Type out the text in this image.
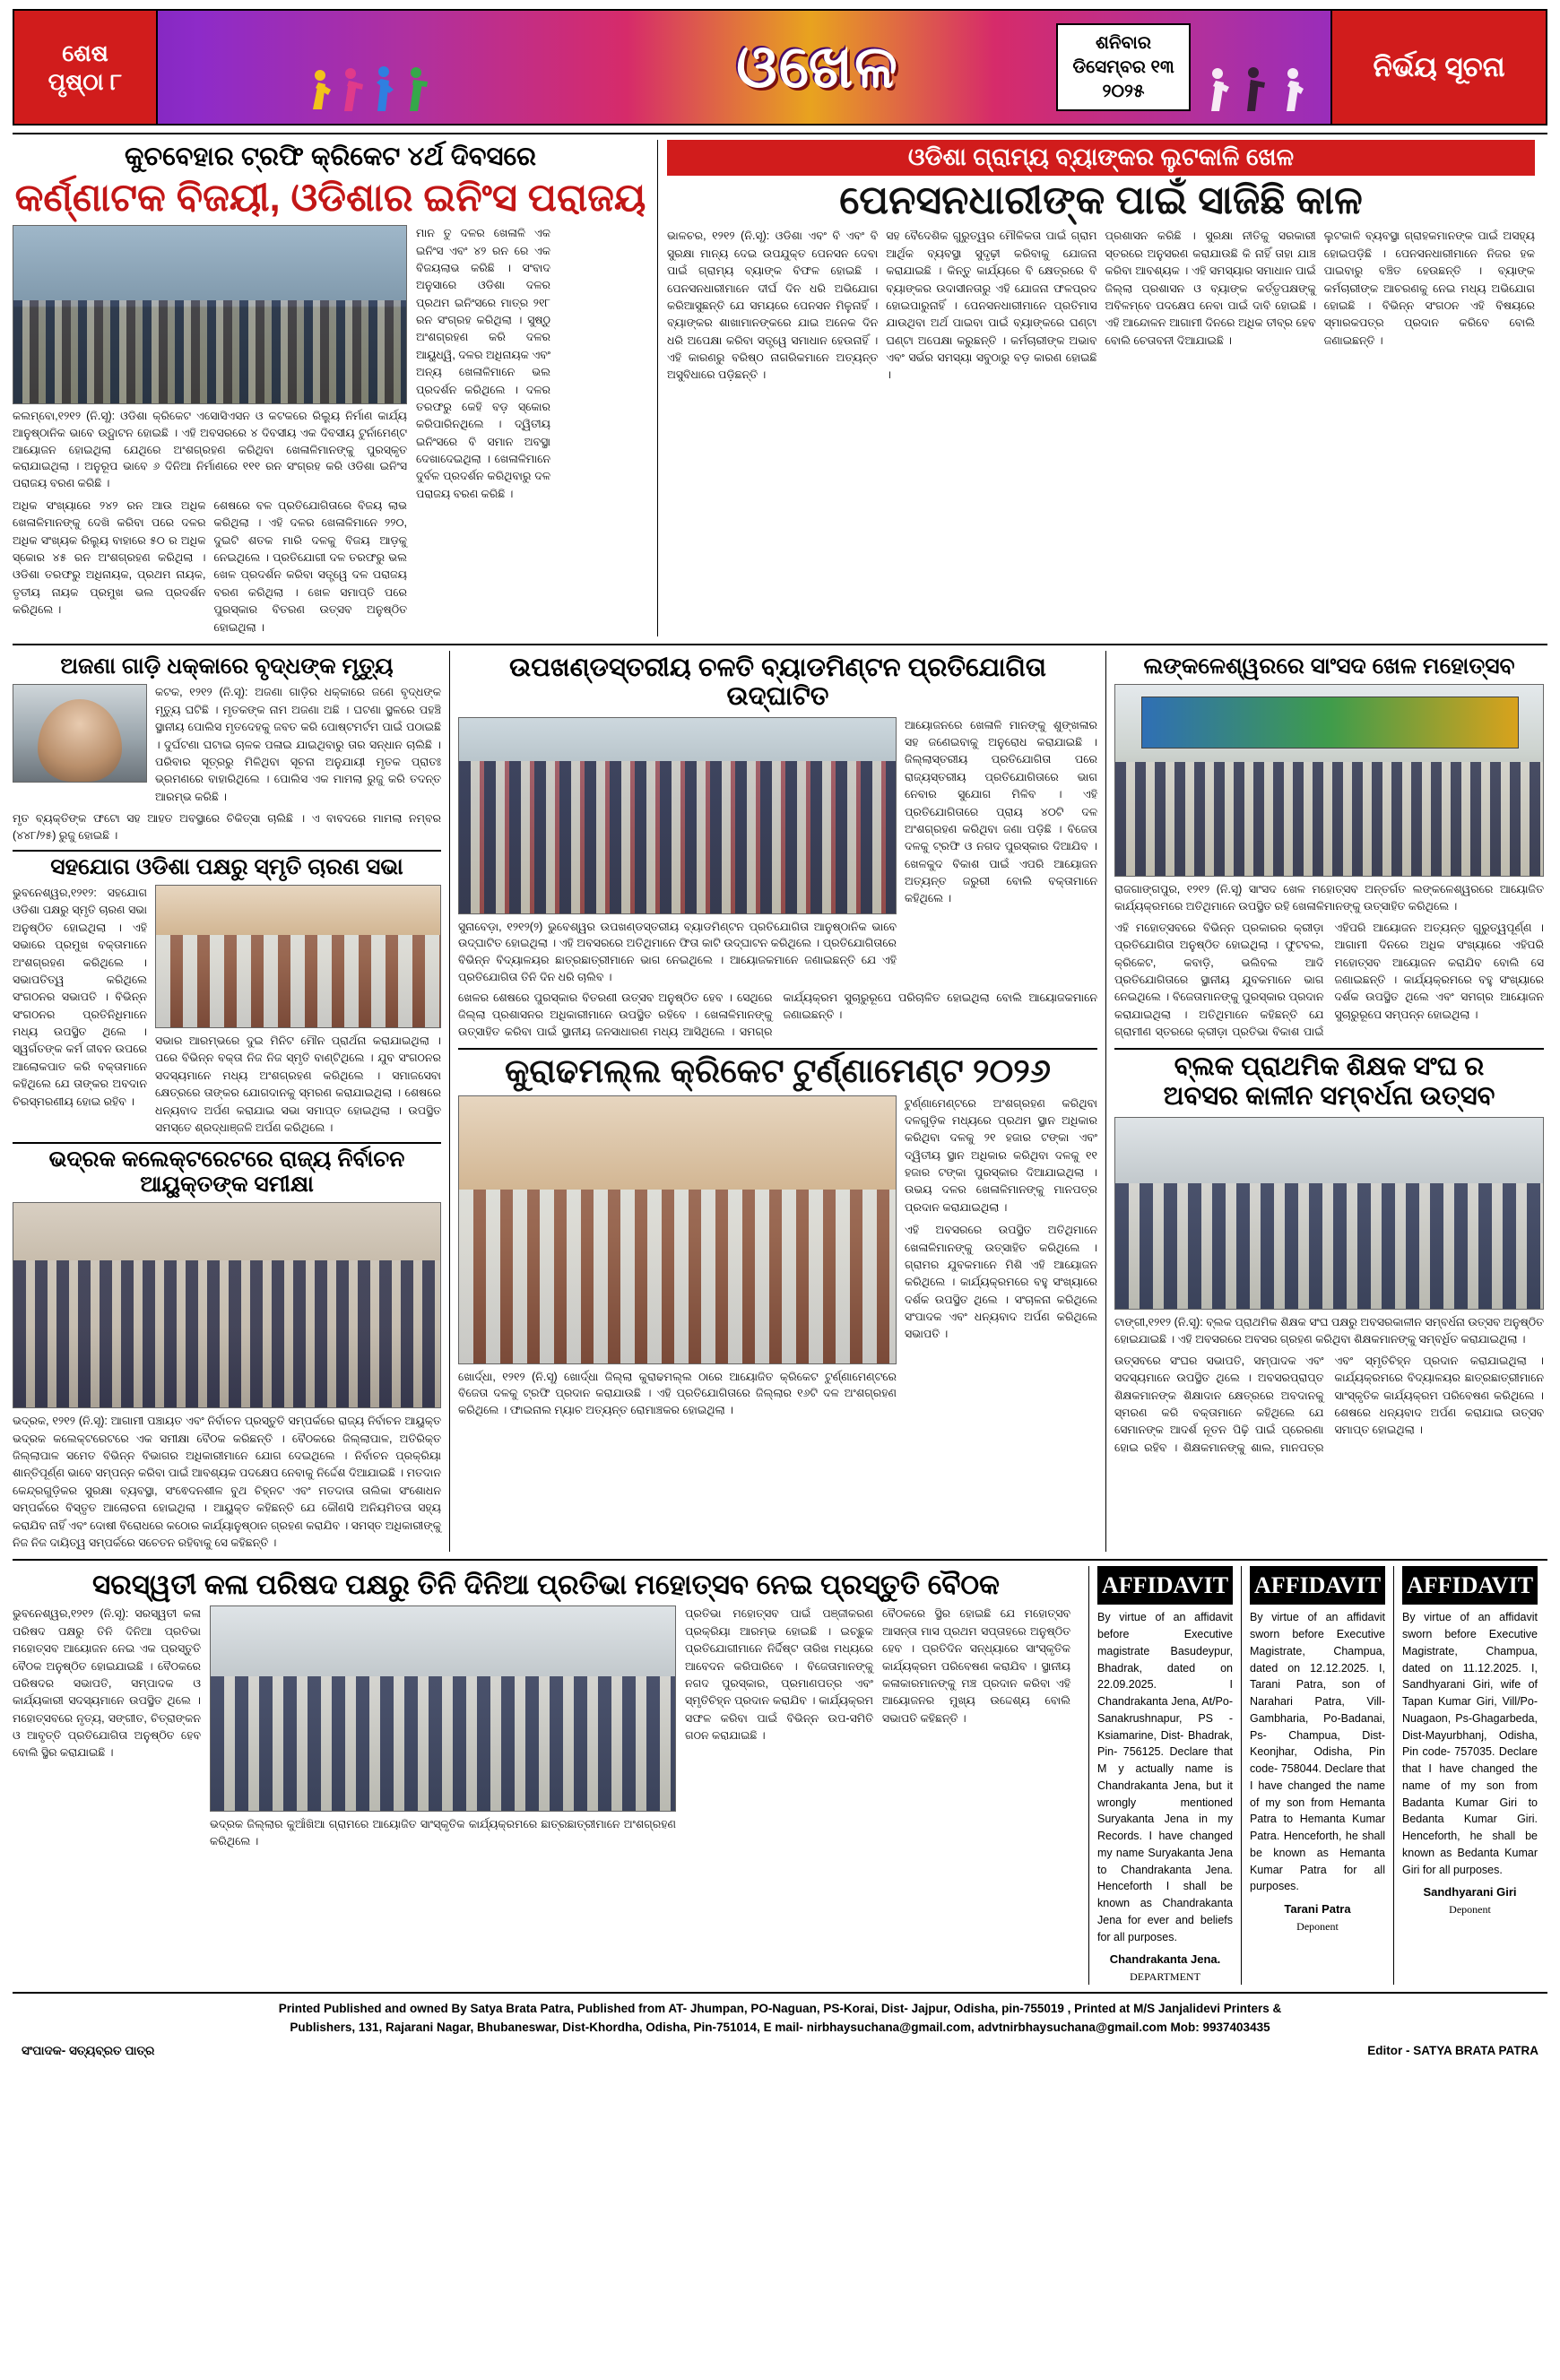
ଶେଷ
ପୃଷ୍ଠା ୮	ଓଖେଳ	ଶନିବାର
ଡିସେମ୍ବର ୧୩
୨୦୨୫
ନିର୍ଭୟ ସୂଚନା
କୁଚବେହାର ଟ୍ରଫି କ୍ରିକେଟ ୪ର୍ଥ ଦିବସରେ
କର୍ଣ୍ଣାଟକ ବିଜୟୀ, ଓଡିଶାର ଇନିଂସ ପରାଜୟ
କଲମ୍ବୋ,୧୨୧୨ (ନି.ସୂ): ଓଡିଶା କ୍ରିକେଟ ଏସୋସିଏସନ ଓ କଟକରେ ରିଲ୍ୟୁ ନିର୍ମାଣ କାର୍ଯ୍ୟ ଆନୁଷ୍ଠାନିକ ଭାବେ ଉଦ୍ଘାଟନ ହୋଇଛି । ଏହି ଅବସରରେ ୪ ଦିବସୀୟ ଏକ ଦିବସୀୟ ଟୁର୍ନାମେଣ୍ଟ ଆୟୋଜନ ହୋଇଥିଲା ଯେଥିରେ ଅଂଶଗ୍ରହଣ କରିଥିବା ଖେଳାଳିମାନଙ୍କୁ ପୁରସ୍କୃତ କରାଯାଇଥିଲା । ଅନୁରୂପ ଭାବେ ୬ ଦିନିଆ ନିର୍ମାଣରେ ୧୧୧ ରନ ସଂଗ୍ରହ କରି ଓଡିଶା ଇନିଂସ ପରାଜୟ ବରଣ କରିଛି ।
ଅଧିକ ସଂଖ୍ୟାରେ ୨୪୨ ରନ ଆଉ ଅଧିକ ଖେଳାଳିମାନଙ୍କୁ ଦେଖି କରିବା ପରେ ଦଳର ଅଧିକ ସଂଖ୍ୟକ ରିଲ୍ୟୁ ବାହାରେ ୫୦ ର ଅଧିକ ସ୍କୋର ୪୫ ରନ ଅଂଶଗ୍ରହଣ କରିଥିଲା । ଓଡିଶା ତରଫରୁ ଅଧିନାୟକ, ପ୍ରଥମ ନାୟକ, ତୃତୀୟ ନାୟକ ପ୍ରମୁଖ ଭଲ ପ୍ରଦର୍ଶନ କରିଥିଲେ ।
ଶେଷରେ ବଳ ପ୍ରତିଯୋଗିତାରେ ବିଜୟ ଲାଭ କରିଥିଲା । ଏହି ଦଳର ଖେଳାଳିମାନେ ୨୨୦, ଦୁଇଟି ଶତକ ମାରି ଦଳକୁ ବିଜୟ ଆଡ଼କୁ ନେଇଥିଲେ । ପ୍ରତିଯୋଗୀ ଦଳ ତରଫରୁ ଭଲ ଖେଳ ପ୍ରଦର୍ଶନ କରିବା ସତ୍ତ୍ୱେ ଦଳ ପରାଜୟ ବରଣ କରିଥିଲା । ଖେଳ ସମାପ୍ତି ପରେ ପୁରସ୍କାର ବିତରଣ ଉତ୍ସବ ଅନୁଷ୍ଠିତ ହୋଇଥିଲା ।
ମାନ ତୁ ଦଳର ଖେଳାଳି ଏକ ଇନିଂସ ଏବଂ ୪୨ ରନ ରେ ଏକ ବିଜୟଲାଭ କରିଛି । ସଂବାଦ ଅନୁସାରେ ଓଡିଶା ଦଳର ପ୍ରଥମ ଇନିଂସରେ ମାତ୍ର ୨୧୮ ରନ ସଂଗ୍ରହ କରିଥିଲା । ସୁଷ୍ଠୁ ଅଂଶଗ୍ରହଣ କରି ଦଳର ଆୟୁଧ୍ୱି, ଦଳର ଅଧିନାୟକ ଏବଂ ଅନ୍ୟ ଖେଳାଳିମାନେ ଭଲ ପ୍ରଦର୍ଶନ କରିଥିଲେ । ଦଳର ତରଫରୁ କେହି ବଡ଼ ସ୍କୋର କରିପାରିନଥିଲେ । ଦ୍ୱିତୀୟ ଇନିଂସରେ ବି ସମାନ ଅବସ୍ଥା ଦେଖାଦେଇଥିଲା । ଖେଳାଳିମାନେ ଦୁର୍ବଳ ପ୍ରଦର୍ଶନ କରିଥିବାରୁ ଦଳ ପରାଜୟ ବରଣ କରିଛି ।
ଓଡିଶା ଗ୍ରାମ୍ୟ ବ୍ୟାଙ୍କର ଲୁଟକାଳି ଖେଳ
ପେନସନଧାରୀଙ୍କ ପାଇଁ ସାଜିଛି କାଳ
ଭାଳଚର, ୧୨୧୨ (ନି.ସୂ): ଓଡିଶା ଏବଂ ବି ଏବଂ ବି ସୁରକ୍ଷା ମାନ୍ୟ ଦେଇ ଉପଯୁକ୍ତ ପେନସନ ଦେବା ପାଇଁ ଗ୍ରାମ୍ୟ ବ୍ୟାଙ୍କ ବିଫଳ ହୋଇଛି । ପେନସନଧାରୀମାନେ ଦୀର୍ଘ ଦିନ ଧରି ଅଭିଯୋଗ କରିଆସୁଛନ୍ତି ଯେ ସମୟରେ ପେନସନ ମିଳୁନାହିଁ । ବ୍ୟାଙ୍କର ଶାଖାମାନଙ୍କରେ ଯାଇ ଅନେକ ଦିନ ଧରି ଅପେକ୍ଷା କରିବା ସତ୍ତ୍ୱେ ସମାଧାନ ହେଉନାହିଁ । ଏହି କାରଣରୁ ବରିଷ୍ଠ ନାଗରିକମାନେ ଅତ୍ୟନ୍ତ ଅସୁବିଧାରେ ପଡ଼ିଛନ୍ତି ।
ସହ ବୈଦେଶିକ ଗୁରୁତ୍ୱର ମୌଳିକତା ପାଇଁ ଗ୍ରାମ ଆର୍ଥିକ ବ୍ୟବସ୍ଥା ସୁଦୃଢ଼ୀ କରିବାକୁ ଯୋଜନା କରାଯାଇଛି । କିନ୍ତୁ କାର୍ଯ୍ୟରେ ବି କ୍ଷେତ୍ରରେ ବି ବ୍ୟାଙ୍କର ଉଦାସୀନତାରୁ ଏହି ଯୋଜନା ଫଳପ୍ରଦ ହୋଇପାରୁନାହିଁ । ପେନସନଧାରୀମାନେ ପ୍ରତିମାସ ଯାଉଥିବା ଅର୍ଥ ପାଇବା ପାଇଁ ବ୍ୟାଙ୍କରେ ଘଣ୍ଟା ଘଣ୍ଟା ଅପେକ୍ଷା କରୁଛନ୍ତି । କର୍ମଚାରୀଙ୍କ ଅଭାବ ଏବଂ ସର୍ଭର ସମସ୍ୟା ସବୁଠାରୁ ବଡ଼ କାରଣ ହୋଇଛି ।
ପ୍ରଶାସନ କରିଛି । ସୁରକ୍ଷା ନୀତିକୁ ସରକାରୀ ସ୍ତରରେ ଅନୁସରଣ କରାଯାଉଛି କି ନାହିଁ ତାହା ଯାଞ୍ଚ କରିବା ଆବଶ୍ୟକ । ଏହି ସମସ୍ୟାର ସମାଧାନ ପାଇଁ ଜିଲ୍ଲା ପ୍ରଶାସନ ଓ ବ୍ୟାଙ୍କ କର୍ତ୍ତୃପକ୍ଷଙ୍କୁ ଅବିଳମ୍ବେ ପଦକ୍ଷେପ ନେବା ପାଇଁ ଦାବି ହୋଇଛି । ଏହି ଆନ୍ଦୋଳନ ଆଗାମୀ ଦିନରେ ଅଧିକ ତୀବ୍ର ହେବ ବୋଲି ଚେତାବନୀ ଦିଆଯାଇଛି ।
ଲୁଟକାଳି ବ୍ୟବସ୍ଥା ଗ୍ରାହକମାନଙ୍କ ପାଇଁ ଅସହ୍ୟ ହୋଇପଡ଼ିଛି । ପେନସନଧାରୀମାନେ ନିଜର ହକ ପାଇବାରୁ ବଞ୍ଚିତ ହେଉଛନ୍ତି । ବ୍ୟାଙ୍କ କର୍ମଚାରୀଙ୍କ ଆଚରଣକୁ ନେଇ ମଧ୍ୟ ଅଭିଯୋଗ ହୋଇଛି । ବିଭିନ୍ନ ସଂଗଠନ ଏହି ବିଷୟରେ ସ୍ମାରକପତ୍ର ପ୍ରଦାନ କରିବେ ବୋଲି ଜଣାଇଛନ୍ତି ।
ଅଜଣା ଗାଡ଼ି ଧକ୍କାରେ ବୃଦ୍ଧଙ୍କ ମୃତ୍ୟୁ
କଟକ, ୧୨୧୨ (ନି.ସୂ): ଅଜଣା ଗାଡ଼ିର ଧକ୍କାରେ ଜଣେ ବୃଦ୍ଧଙ୍କ ମୃତ୍ୟୁ ଘଟିଛି । ମୃତକଙ୍କ ନାମ ଅଜଣା ଅଛି । ଘଟଣା ସ୍ଥଳରେ ପହଞ୍ଚି ସ୍ଥାନୀୟ ପୋଲିସ ମୃତଦେହକୁ ଜବତ କରି ପୋଷ୍ଟମର୍ଟମ ପାଇଁ ପଠାଇଛି । ଦୁର୍ଘଟଣା ଘଟାଇ ଚାଳକ ପଳାଇ ଯାଇଥିବାରୁ ତାର ସନ୍ଧାନ ଚାଲିଛି । ପରିବାର ସୂତ୍ରରୁ ମିଳିଥିବା ସୂଚନା ଅନୁଯାୟୀ ମୃତକ ପ୍ରାତଃ ଭ୍ରମଣରେ ବାହାରିଥିଲେ । ପୋଲିସ ଏକ ମାମଲା ରୁଜୁ କରି ତଦନ୍ତ ଆରମ୍ଭ କରିଛି ।
ମୃତ ବ୍ୟକ୍ତିଙ୍କ ଫଟୋ ସହ ଆହତ ଅବସ୍ଥାରେ ଚିକିତ୍ସା ଚାଲିଛି । ଏ ବାବଦରେ ମାମଲା ନମ୍ବର (୪୪୮/୨୫) ରୁଜୁ ହୋଇଛି ।
ସହଯୋଗ ଓଡିଶା ପକ୍ଷରୁ ସ୍ମୃତି ଚାରଣ ସଭା
ଭୁବନେଶ୍ୱର,୧୨୧୨: ସହଯୋଗ ଓଡିଶା ପକ୍ଷରୁ ସ୍ମୃତି ଚାରଣ ସଭା ଅନୁଷ୍ଠିତ ହୋଇଥିଲା । ଏହି ସଭାରେ ପ୍ରମୁଖ ବକ୍ତାମାନେ ଅଂଶଗ୍ରହଣ କରିଥିଲେ । ସଭାପତିତ୍ୱ କରିଥିଲେ ସଂଗଠନର ସଭାପତି । ବିଭିନ୍ନ ସଂଗଠନର ପ୍ରତିନିଧିମାନେ ମଧ୍ୟ ଉପସ୍ଥିତ ଥିଲେ । ସ୍ୱର୍ଗତଙ୍କ କର୍ମ ଜୀବନ ଉପରେ ଆଲୋକପାତ କରି ବକ୍ତାମାନେ କହିଥିଲେ ଯେ ତାଙ୍କର ଅବଦାନ ଚିରସ୍ମରଣୀୟ ହୋଇ ରହିବ ।
ସଭାର ଆରମ୍ଭରେ ଦୁଇ ମିନିଟ ମୌନ ପ୍ରାର୍ଥନା କରାଯାଇଥିଲା । ପରେ ବିଭିନ୍ନ ବକ୍ତା ନିଜ ନିଜ ସ୍ମୃତି ବାଣ୍ଟିଥିଲେ । ଯୁବ ସଂଗଠନର ସଦସ୍ୟମାନେ ମଧ୍ୟ ଅଂଶଗ୍ରହଣ କରିଥିଲେ । ସମାଜସେବା କ୍ଷେତ୍ରରେ ତାଙ୍କର ଯୋଗଦାନକୁ ସ୍ମରଣ କରାଯାଇଥିଲା । ଶେଷରେ ଧନ୍ୟବାଦ ଅର୍ପଣ କରାଯାଇ ସଭା ସମାପ୍ତ ହୋଇଥିଲା । ଉପସ୍ଥିତ ସମସ୍ତେ ଶ୍ରଦ୍ଧାଞ୍ଜଳି ଅର୍ପଣ କରିଥିଲେ ।
ଭଦ୍ରକ କଲେକ୍ଟରେଟରେ ରାଜ୍ୟ ନିର୍ବାଚନ ଆୟୁକ୍ତଙ୍କ ସମୀକ୍ଷା
ଭଦ୍ରକ, ୧୨୧୨ (ନି.ସୂ): ଆଗାମୀ ପଞ୍ଚାୟତ ଏବଂ ନିର୍ବାଚନ ପ୍ରସ୍ତୁତି ସମ୍ପର୍କରେ ରାଜ୍ୟ ନିର୍ବାଚନ ଆୟୁକ୍ତ ଭଦ୍ରକ କଲେକ୍ଟରେଟରେ ଏକ ସମୀକ୍ଷା ବୈଠକ କରିଛନ୍ତି । ବୈଠକରେ ଜିଲ୍ଲାପାଳ, ଅତିରିକ୍ତ ଜିଲ୍ଲାପାଳ ସମେତ ବିଭିନ୍ନ ବିଭାଗର ଅଧିକାରୀମାନେ ଯୋଗ ଦେଇଥିଲେ । ନିର୍ବାଚନ ପ୍ରକ୍ରିୟା ଶାନ୍ତିପୂର୍ଣ୍ଣ ଭାବେ ସମ୍ପନ୍ନ କରିବା ପାଇଁ ଆବଶ୍ୟକ ପଦକ୍ଷେପ ନେବାକୁ ନିର୍ଦ୍ଦେଶ ଦିଆଯାଇଛି । ମତଦାନ କେନ୍ଦ୍ରଗୁଡ଼ିକର ସୁରକ୍ଷା ବ୍ୟବସ୍ଥା, ସଂଵେଦନଶୀଳ ବୁଥ ଚିହ୍ନଟ ଏବଂ ମତଦାତା ତାଲିକା ସଂଶୋଧନ ସମ୍ପର୍କରେ ବିସ୍ତୃତ ଆଲୋଚନା ହୋଇଥିଲା । ଆୟୁକ୍ତ କହିଛନ୍ତି ଯେ କୌଣସି ଅନିୟମିତତା ସହ୍ୟ କରାଯିବ ନାହିଁ ଏବଂ ଦୋଷୀ ବିରୋଧରେ କଠୋର କାର୍ଯ୍ୟାନୁଷ୍ଠାନ ଗ୍ରହଣ କରାଯିବ । ସମସ୍ତ ଅଧିକାରୀଙ୍କୁ ନିଜ ନିଜ ଦାୟିତ୍ୱ ସମ୍ପର୍କରେ ସଚେତନ ରହିବାକୁ ସେ କହିଛନ୍ତି ।
ଉପଖଣ୍ଡସ୍ତରୀୟ ଚଳତି ବ୍ୟାଡମିଣ୍ଟନ ପ୍ରତିଯୋଗିତା ଉଦ୍‌ଘାଟିତ
ସୁନାବେଡ଼ା, ୧୨୧୨(୨) ଭୁବେଶ୍ୱର ଉପଖଣ୍ଡସ୍ତରୀୟ ବ୍ୟାଡମିଣ୍ଟନ ପ୍ରତିଯୋଗିତା ଆନୁଷ୍ଠାନିକ ଭାବେ ଉଦ୍‌ଘାଟିତ ହୋଇଥିଲା । ଏହି ଅବସରରେ ଅତିଥିମାନେ ଫିତା କାଟି ଉଦ୍‌ଘାଟନ କରିଥିଲେ । ପ୍ରତିଯୋଗିତାରେ ବିଭିନ୍ନ ବିଦ୍ୟାଳୟର ଛାତ୍ରଛାତ୍ରୀମାନେ ଭାଗ ନେଇଥିଲେ । ଆୟୋଜକମାନେ ଜଣାଇଛନ୍ତି ଯେ ଏହି ପ୍ରତିଯୋଗିତା ତିନି ଦିନ ଧରି ଚାଲିବ ।
ଆୟୋଜନରେ ଖେଳାଳି ମାନଙ୍କୁ ଶୁଙ୍ଖଳାର ସହ ଜଣେଇବାକୁ ଅନୁରୋଧ କରାଯାଇଛି । ଜିଲ୍ଲାସ୍ତରୀୟ ପ୍ରତିଯୋଗିତା ପରେ ରାଜ୍ୟସ୍ତରୀୟ ପ୍ରତିଯୋଗିତାରେ ଭାଗ ନେବାର ସୁଯୋଗ ମିଳିବ । ଏହି ପ୍ରତିଯୋଗିତାରେ ପ୍ରାୟ ୪୦ଟି ଦଳ ଅଂଶଗ୍ରହଣ କରିଥିବା ଜଣା ପଡ଼ିଛି । ବିଜେତା ଦଳକୁ ଟ୍ରଫି ଓ ନଗଦ ପୁରସ୍କାର ଦିଆଯିବ । ଖେଳକୁଦ ବିକାଶ ପାଇଁ ଏପରି ଆୟୋଜନ ଅତ୍ୟନ୍ତ ଜରୁରୀ ବୋଲି ବକ୍ତାମାନେ କହିଥିଲେ ।
ଖେଳର ଶେଷରେ ପୁରସ୍କାର ବିତରଣୀ ଉତ୍ସବ ଅନୁଷ୍ଠିତ ହେବ । ସେଥିରେ ଜିଲ୍ଲା ପ୍ରଶାସନର ଅଧିକାରୀମାନେ ଉପସ୍ଥିତ ରହିବେ । ଖେଳାଳିମାନଙ୍କୁ ଉତ୍ସାହିତ କରିବା ପାଇଁ ସ୍ଥାନୀୟ ଜନସାଧାରଣ ମଧ୍ୟ ଆସିଥିଲେ । ସମଗ୍ର କାର୍ଯ୍ୟକ୍ରମ ସୁଚାରୁରୂପେ ପରିଚାଳିତ ହୋଇଥିଲା ବୋଲି ଆୟୋଜକମାନେ ଜଣାଇଛନ୍ତି ।
କୁରାଢମଲ୍ଲ କ୍ରିକେଟ ଟୁର୍ଣ୍ଣାମେଣ୍ଟ ୨୦୨୬
ଖୋର୍ଦ୍ଧା, ୧୨୧୨ (ନି.ସୂ) ଖୋର୍ଦ୍ଧା ଜିଲ୍ଲା କୁରାଢମଲ୍ଲ ଠାରେ ଆୟୋଜିତ କ୍ରିକେଟ ଟୁର୍ଣ୍ଣାମେଣ୍ଟରେ ବିଜେତା ଦଳକୁ ଟ୍ରଫି ପ୍ରଦାନ କରାଯାଉଛି । ଏହି ପ୍ରତିଯୋଗିତାରେ ଜିଲ୍ଲାର ୧୬ଟି ଦଳ ଅଂଶଗ୍ରହଣ କରିଥିଲେ । ଫାଇନାଲ ମ୍ୟାଚ ଅତ୍ୟନ୍ତ ରୋମାଞ୍ଚକର ହୋଇଥିଲା ।
ଟୁର୍ଣ୍ଣାମେଣ୍ଟରେ ଅଂଶଗ୍ରହଣ କରିଥିବା ଦଳଗୁଡ଼ିକ ମଧ୍ୟରେ ପ୍ରଥମ ସ୍ଥାନ ଅଧିକାର କରିଥିବା ଦଳକୁ ୨୧ ହଜାର ଟଙ୍କା ଏବଂ ଦ୍ୱିତୀୟ ସ୍ଥାନ ଅଧିକାର କରିଥିବା ଦଳକୁ ୧୧ ହଜାର ଟଙ୍କା ପୁରସ୍କାର ଦିଆଯାଇଥିଲା । ଉଭୟ ଦଳର ଖେଳାଳିମାନଙ୍କୁ ମାନପତ୍ର ପ୍ରଦାନ କରାଯାଇଥିଲା ।
ଏହି ଅବସରରେ ଉପସ୍ଥିତ ଅତିଥିମାନେ ଖେଳାଳିମାନଙ୍କୁ ଉତ୍ସାହିତ କରିଥିଲେ । ଗ୍ରାମର ଯୁବକମାନେ ମିଶି ଏହି ଆୟୋଜନ କରିଥିଲେ । କାର୍ଯ୍ୟକ୍ରମରେ ବହୁ ସଂଖ୍ୟାରେ ଦର୍ଶକ ଉପସ୍ଥିତ ଥିଲେ । ସଂଚାଳନା କରିଥିଲେ ସଂପାଦକ ଏବଂ ଧନ୍ୟବାଦ ଅର୍ପଣ କରିଥିଲେ ସଭାପତି ।
ଲଙ୍କଳେଶ୍ୱରରେ ସାଂସଦ ଖେଳ ମହୋତ୍ସବ
ରାଜଗାଙ୍ଗପୁର, ୧୨୧୨ (ନି.ସୂ) ସାଂସଦ ଖେଳ ମହୋତ୍ସବ ଅନ୍ତର୍ଗତ ଲଙ୍କଳେଶ୍ୱରରେ ଆୟୋଜିତ କାର୍ଯ୍ୟକ୍ରମରେ ଅତିଥିମାନେ ଉପସ୍ଥିତ ରହି ଖେଳାଳିମାନଙ୍କୁ ଉତ୍ସାହିତ କରିଥିଲେ ।
ଏହି ମହୋତ୍ସବରେ ବିଭିନ୍ନ ପ୍ରକାରର କ୍ରୀଡ଼ା ପ୍ରତିଯୋଗିତା ଅନୁଷ୍ଠିତ ହୋଇଥିଲା । ଫୁଟବଲ, କ୍ରିକେଟ, କବାଡ଼ି, ଭଲିବଲ ଆଦି ପ୍ରତିଯୋଗିତାରେ ସ୍ଥାନୀୟ ଯୁବକମାନେ ଭାଗ ନେଇଥିଲେ । ବିଜେତାମାନଙ୍କୁ ପୁରସ୍କାର ପ୍ରଦାନ କରାଯାଇଥିଲା । ଅତିଥିମାନେ କହିଛନ୍ତି ଯେ ଗ୍ରାମୀଣ ସ୍ତରରେ କ୍ରୀଡ଼ା ପ୍ରତିଭା ବିକାଶ ପାଇଁ ଏହିପରି ଆୟୋଜନ ଅତ୍ୟନ୍ତ ଗୁରୁତ୍ୱପୂର୍ଣ୍ଣ । ଆଗାମୀ ଦିନରେ ଅଧିକ ସଂଖ୍ୟାରେ ଏହିପରି ମହୋତ୍ସବ ଆୟୋଜନ କରାଯିବ ବୋଲି ସେ ଜଣାଇଛନ୍ତି । କାର୍ଯ୍ୟକ୍ରମରେ ବହୁ ସଂଖ୍ୟାରେ ଦର୍ଶକ ଉପସ୍ଥିତ ଥିଲେ ଏବଂ ସମଗ୍ର ଆୟୋଜନ ସୁଚାରୁରୂପେ ସମ୍ପନ୍ନ ହୋଇଥିଲା ।
ବ୍ଲକ ପ୍ରାଥମିକ ଶିକ୍ଷକ ସଂଘ ର
ଅବସର କାଳୀନ ସମ୍ବର୍ଧନା ଉତ୍ସବ
ଟାଙ୍ଗୀ,୧୨୧୨ (ନି.ସୂ): ବ୍ଲକ ପ୍ରାଥମିକ ଶିକ୍ଷକ ସଂଘ ପକ୍ଷରୁ ଅବସରକାଳୀନ ସମ୍ବର୍ଧନା ଉତ୍ସବ ଅନୁଷ୍ଠିତ ହୋଇଯାଇଛି । ଏହି ଅବସରରେ ଅବସର ଗ୍ରହଣ କରିଥିବା ଶିକ୍ଷକମାନଙ୍କୁ ସମ୍ବର୍ଧିତ କରାଯାଇଥିଲା ।
ଉତ୍ସବରେ ସଂଘର ସଭାପତି, ସମ୍ପାଦକ ଏବଂ ସଦସ୍ୟମାନେ ଉପସ୍ଥିତ ଥିଲେ । ଅବସରପ୍ରାପ୍ତ ଶିକ୍ଷକମାନଙ୍କ ଶିକ୍ଷାଦାନ କ୍ଷେତ୍ରରେ ଅବଦାନକୁ ସ୍ମରଣ କରି ବକ୍ତାମାନେ କହିଥିଲେ ଯେ ସେମାନଙ୍କ ଆଦର୍ଶ ନୂତନ ପିଢ଼ି ପାଇଁ ପ୍ରେରଣା ହୋଇ ରହିବ । ଶିକ୍ଷକମାନଙ୍କୁ ଶାଲ, ମାନପତ୍ର ଏବଂ ସ୍ମୃତିଚିହ୍ନ ପ୍ରଦାନ କରାଯାଇଥିଲା । କାର୍ଯ୍ୟକ୍ରମରେ ବିଦ୍ୟାଳୟର ଛାତ୍ରଛାତ୍ରୀମାନେ ସାଂସ୍କୃତିକ କାର୍ଯ୍ୟକ୍ରମ ପରିବେଷଣ କରିଥିଲେ । ଶେଷରେ ଧନ୍ୟବାଦ ଅର୍ପଣ କରାଯାଇ ଉତ୍ସବ ସମାପ୍ତ ହୋଇଥିଲା ।
ସରସ୍ୱତୀ କଳା ପରିଷଦ ପକ୍ଷରୁ ତିନି ଦିନିଆ ପ୍ରତିଭା ମହୋତ୍ସବ ନେଇ ପ୍ରସ୍ତୁତି ବୈଠକ
ଭୁବନେଶ୍ୱର,୧୨୧୨ (ନି.ସୂ): ସରସ୍ୱତୀ କଳା ପରିଷଦ ପକ୍ଷରୁ ତିନି ଦିନିଆ ପ୍ରତିଭା ମହୋତ୍ସବ ଆୟୋଜନ ନେଇ ଏକ ପ୍ରସ୍ତୁତି ବୈଠକ ଅନୁଷ୍ଠିତ ହୋଇଯାଇଛି । ବୈଠକରେ ପରିଷଦର ସଭାପତି, ସମ୍ପାଦକ ଓ କାର୍ଯ୍ୟକାରୀ ସଦସ୍ୟମାନେ ଉପସ୍ଥିତ ଥିଲେ । ମହୋତ୍ସବରେ ନୃତ୍ୟ, ସଙ୍ଗୀତ, ଚିତ୍ରାଙ୍କନ ଓ ଆବୃତ୍ତି ପ୍ରତିଯୋଗିତା ଅନୁଷ୍ଠିତ ହେବ ବୋଲି ସ୍ଥିର କରାଯାଇଛି ।
ଭଦ୍ରକ ଜିଲ୍ଲାର କୁଆଁଖିଆ ଗ୍ରାମରେ ଆୟୋଜିତ ସାଂସ୍କୃତିକ କାର୍ଯ୍ୟକ୍ରମରେ ଛାତ୍ରଛାତ୍ରୀମାନେ ଅଂଶଗ୍ରହଣ କରିଥିଲେ ।
ପ୍ରତିଭା ମହୋତ୍ସବ ପାଇଁ ପଞ୍ଜୀକରଣ ପ୍ରକ୍ରିୟା ଆରମ୍ଭ ହୋଇଛି । ଇଚ୍ଛୁକ ପ୍ରତିଯୋଗୀମାନେ ନିର୍ଦ୍ଦିଷ୍ଟ ତାରିଖ ମଧ୍ୟରେ ଆବେଦନ କରିପାରିବେ । ବିଜେତାମାନଙ୍କୁ ନଗଦ ପୁରସ୍କାର, ପ୍ରମାଣପତ୍ର ଏବଂ ସ୍ମୃତିଚିହ୍ନ ପ୍ରଦାନ କରାଯିବ । କାର୍ଯ୍ୟକ୍ରମ ସଫଳ କରିବା ପାଇଁ ବିଭିନ୍ନ ଉପ-ସମିତି ଗଠନ କରାଯାଇଛି ।
ବୈଠକରେ ସ୍ଥିର ହୋଇଛି ଯେ ମହୋତ୍ସବ ଆସନ୍ତା ମାସ ପ୍ରଥମ ସପ୍ତାହରେ ଅନୁଷ୍ଠିତ ହେବ । ପ୍ରତିଦିନ ସନ୍ଧ୍ୟାରେ ସାଂସ୍କୃତିକ କାର୍ଯ୍ୟକ୍ରମ ପରିବେଷଣ କରାଯିବ । ସ୍ଥାନୀୟ କଳାକାରମାନଙ୍କୁ ମଞ୍ଚ ପ୍ରଦାନ କରିବା ଏହି ଆୟୋଜନର ମୁଖ୍ୟ ଉଦ୍ଦେଶ୍ୟ ବୋଲି ସଭାପତି କହିଛନ୍ତି ।
AFFIDAVIT
By virtue of an affidavit before Executive magistrate Basudeypur, Bhadrak, dated on 22.09.2025. I Chandrakanta Jena, At/Po-Sanakrushnapur, PS -Ksiamarine, Dist- Bhadrak, Pin- 756125. Declare that M y actually name is Chandrakanta Jena, but it wrongly mentioned Suryakanta Jena in my Records. I have changed my name Suryakanta Jena to Chandrakanta Jena. Henceforth I shall be known as Chandrakanta Jena for ever and beliefs for all purposes.
Chandrakanta Jena.
DEPARTMENT
AFFIDAVIT
By virtue of an affidavit sworn before Executive Magistrate, Champua, dated on 12.12.2025. I, Tarani Patra, son of Narahari Patra, Vill-Gambharia, Po-Badanai, Ps- Champua, Dist-Keonjhar, Odisha, Pin code- 758044. Declare that I have changed the name of my son from Hemanta Patra to Hemanta Kumar Patra. Henceforth, he shall be known as Hemanta Kumar Patra for all purposes.
Tarani Patra
Deponent
AFFIDAVIT
By virtue of an affidavit sworn before Executive Magistrate, Champua, dated on 11.12.2025. I, Sandhyarani Giri, wife of Tapan Kumar Giri, Vill/Po-Nuagaon, Ps-Ghagarbeda, Dist-Mayurbhanj, Odisha, Pin code- 757035. Declare that I have changed the name of my son from Badanta Kumar Giri to Bedanta Kumar Giri. Henceforth, he shall be known as Bedanta Kumar Giri for all purposes.
Sandhyarani Giri
Deponent
Printed Published and owned By Satya Brata Patra, Published from AT- Jhumpan, PO-Naguan, PS-Korai, Dist- Jajpur, Odisha, pin-755019 , Printed at M/S Janjalidevi Printers &
Publishers, 131, Rajarani Nagar, Bhubaneswar, Dist-Khordha, Odisha, Pin-751014, E mail- nirbhaysuchana@gmail.com, advtnirbhaysuchana@gmail.com Mob: 9937403435
ସଂପାଦକ- ସତ୍ୟବ୍ରତ ପାତ୍ର	Editor - SATYA BRATA PATRA
